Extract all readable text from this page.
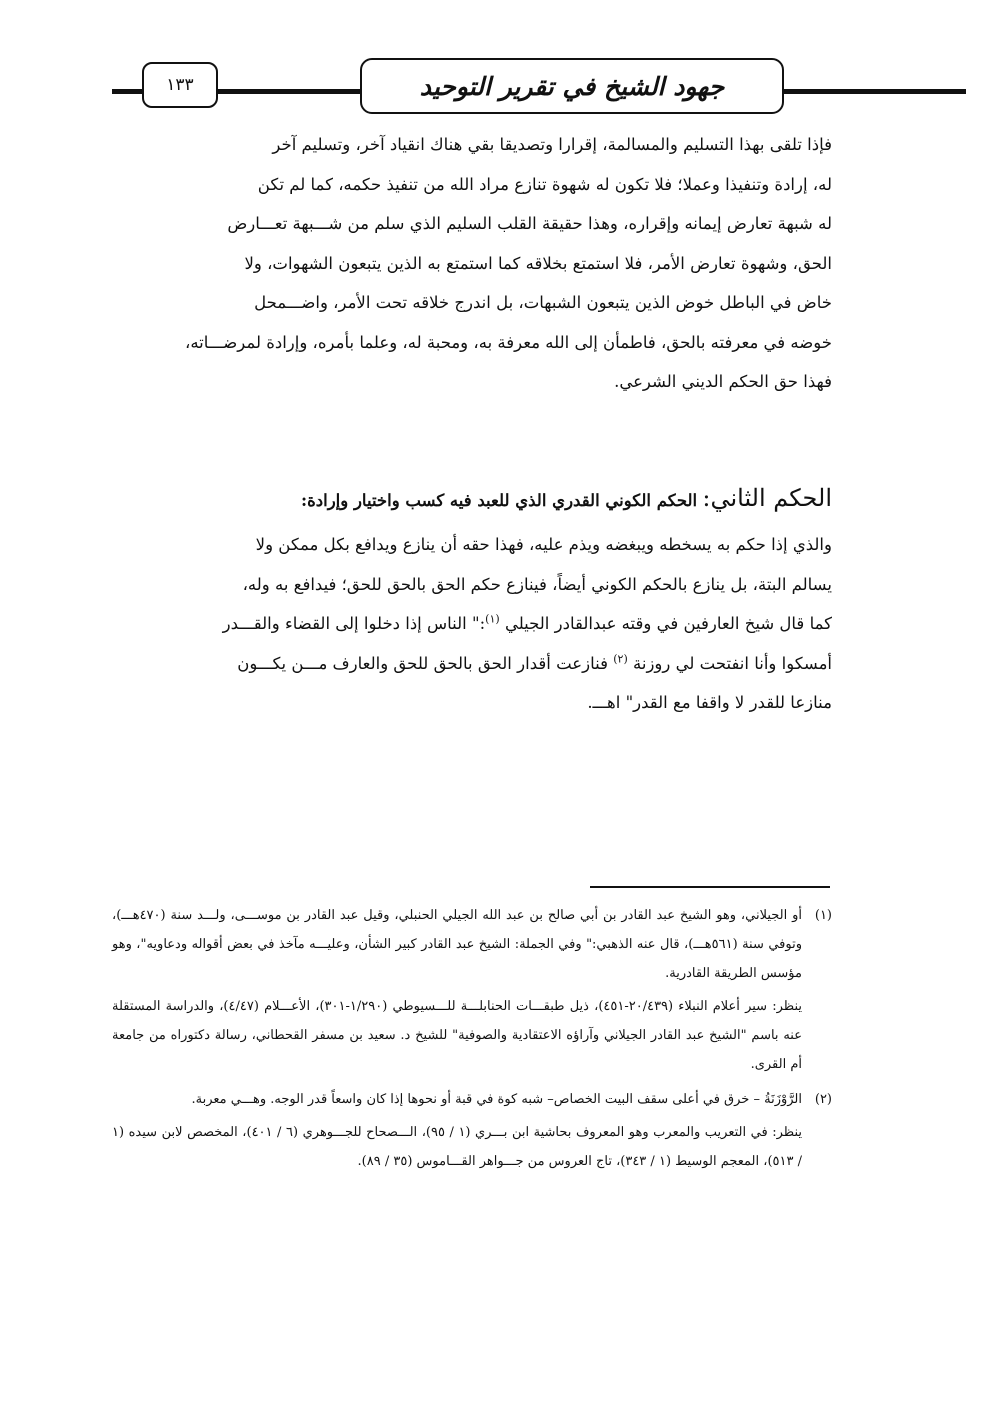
١٣٣	جهود الشيخ في تقرير التوحيد
فإذا تلقى بهذا التسليم والمسالمة، إقرارا وتصديقا بقي هناك انقياد آخر، وتسليم آخر
له، إرادة وتنفيذا وعملا؛ فلا تكون له شهوة تنازع مراد الله من تنفيذ حكمه، كما لم تكن
له شبهة تعارض إيمانه وإقراره، وهذا حقيقة القلب السليم الذي سلم من شـــبهة تعـــارض
الحق، وشهوة تعارض الأمر، فلا استمتع بخلاقه كما استمتع به الذين يتبعون الشهوات، ولا
خاض في الباطل خوض الذين يتبعون الشبهات، بل اندرج خلاقه تحت الأمر، واضـــمحل
خوضه في معرفته بالحق، فاطمأن إلى الله معرفة به، ومحبة له، وعلما بأمره، وإرادة لمرضـــاته،
فهذا حق الحكم الديني الشرعي.
الحكم الثاني: الحكم الكوني القدري الذي للعبد فيه كسب واختيار وإرادة:
والذي إذا حكم به يسخطه ويبغضه ويذم عليه، فهذا حقه أن ينازع ويدافع بكل ممكن ولا
يسالم البتة، بل ينازع بالحكم الكوني أيضاً، فينازع حكم الحق بالحق للحق؛ فيدافع به وله،
كما قال شيخ العارفين في وقته عبدالقادر الجيلي $^{(١)}$:" الناس إذا دخلوا إلى القضاء والقـــدر
أمسكوا وأنا انفتحت لي روزنة $^{(٢)}$ فنازعت أقدار الحق بالحق للحق والعارف مـــن يكـــون
منازعا للقدر لا واقفا مع القدر" اهـــ.
(١)

أو الجيلاني، وهو الشيخ عبد القادر بن أبي صالح بن عبد الله الجيلي الحنبلي، وقيل عبد القادر بن موســـى، ولـــد سنة (٤٧٠هـــ)، وتوفي سنة (٥٦١هـــ)، قال عنه الذهبي:" وفي الجملة: الشيخ عبد القادر كبير الشأن، وعليـــه مآخذ في بعض أقواله ودعاويه"، وهو مؤسس الطريقة القادرية.

ينظر: سير أعلام النبلاء (٢٠/٤٣٩-٤٥١)، ذيل طبقـــات الحنابلـــة للـــسيوطي (١/٢٩٠-٣٠١)، الأعـــلام (٤/٤٧)، والدراسة المستقلة عنه باسم "الشيخ عبد القادر الجيلاني وآراؤه الاعتقادية والصوفية" للشيخ د. سعيد بن مسفر القحطاني، رسالة دكتوراه من جامعة أم القرى.

(٢)

الرَّوْزَنَةُ – خرق في أعلى سقف البيت الخصاص– شبه كوة في قبة أو نحوها إذا كان واسعاً قدر الوجه. وهـــي معربة.

ينظر: في التعريب والمعرب وهو المعروف بحاشية ابن بـــري (١ / ٩٥)، الـــصحاح للجـــوهري (٦ / ٤٠١)، المخصص لابن سيده (١ / ٥١٣)، المعجم الوسيط (١ / ٣٤٣)، تاج العروس من جـــواهر القـــاموس (٣٥ / ٨٩).
